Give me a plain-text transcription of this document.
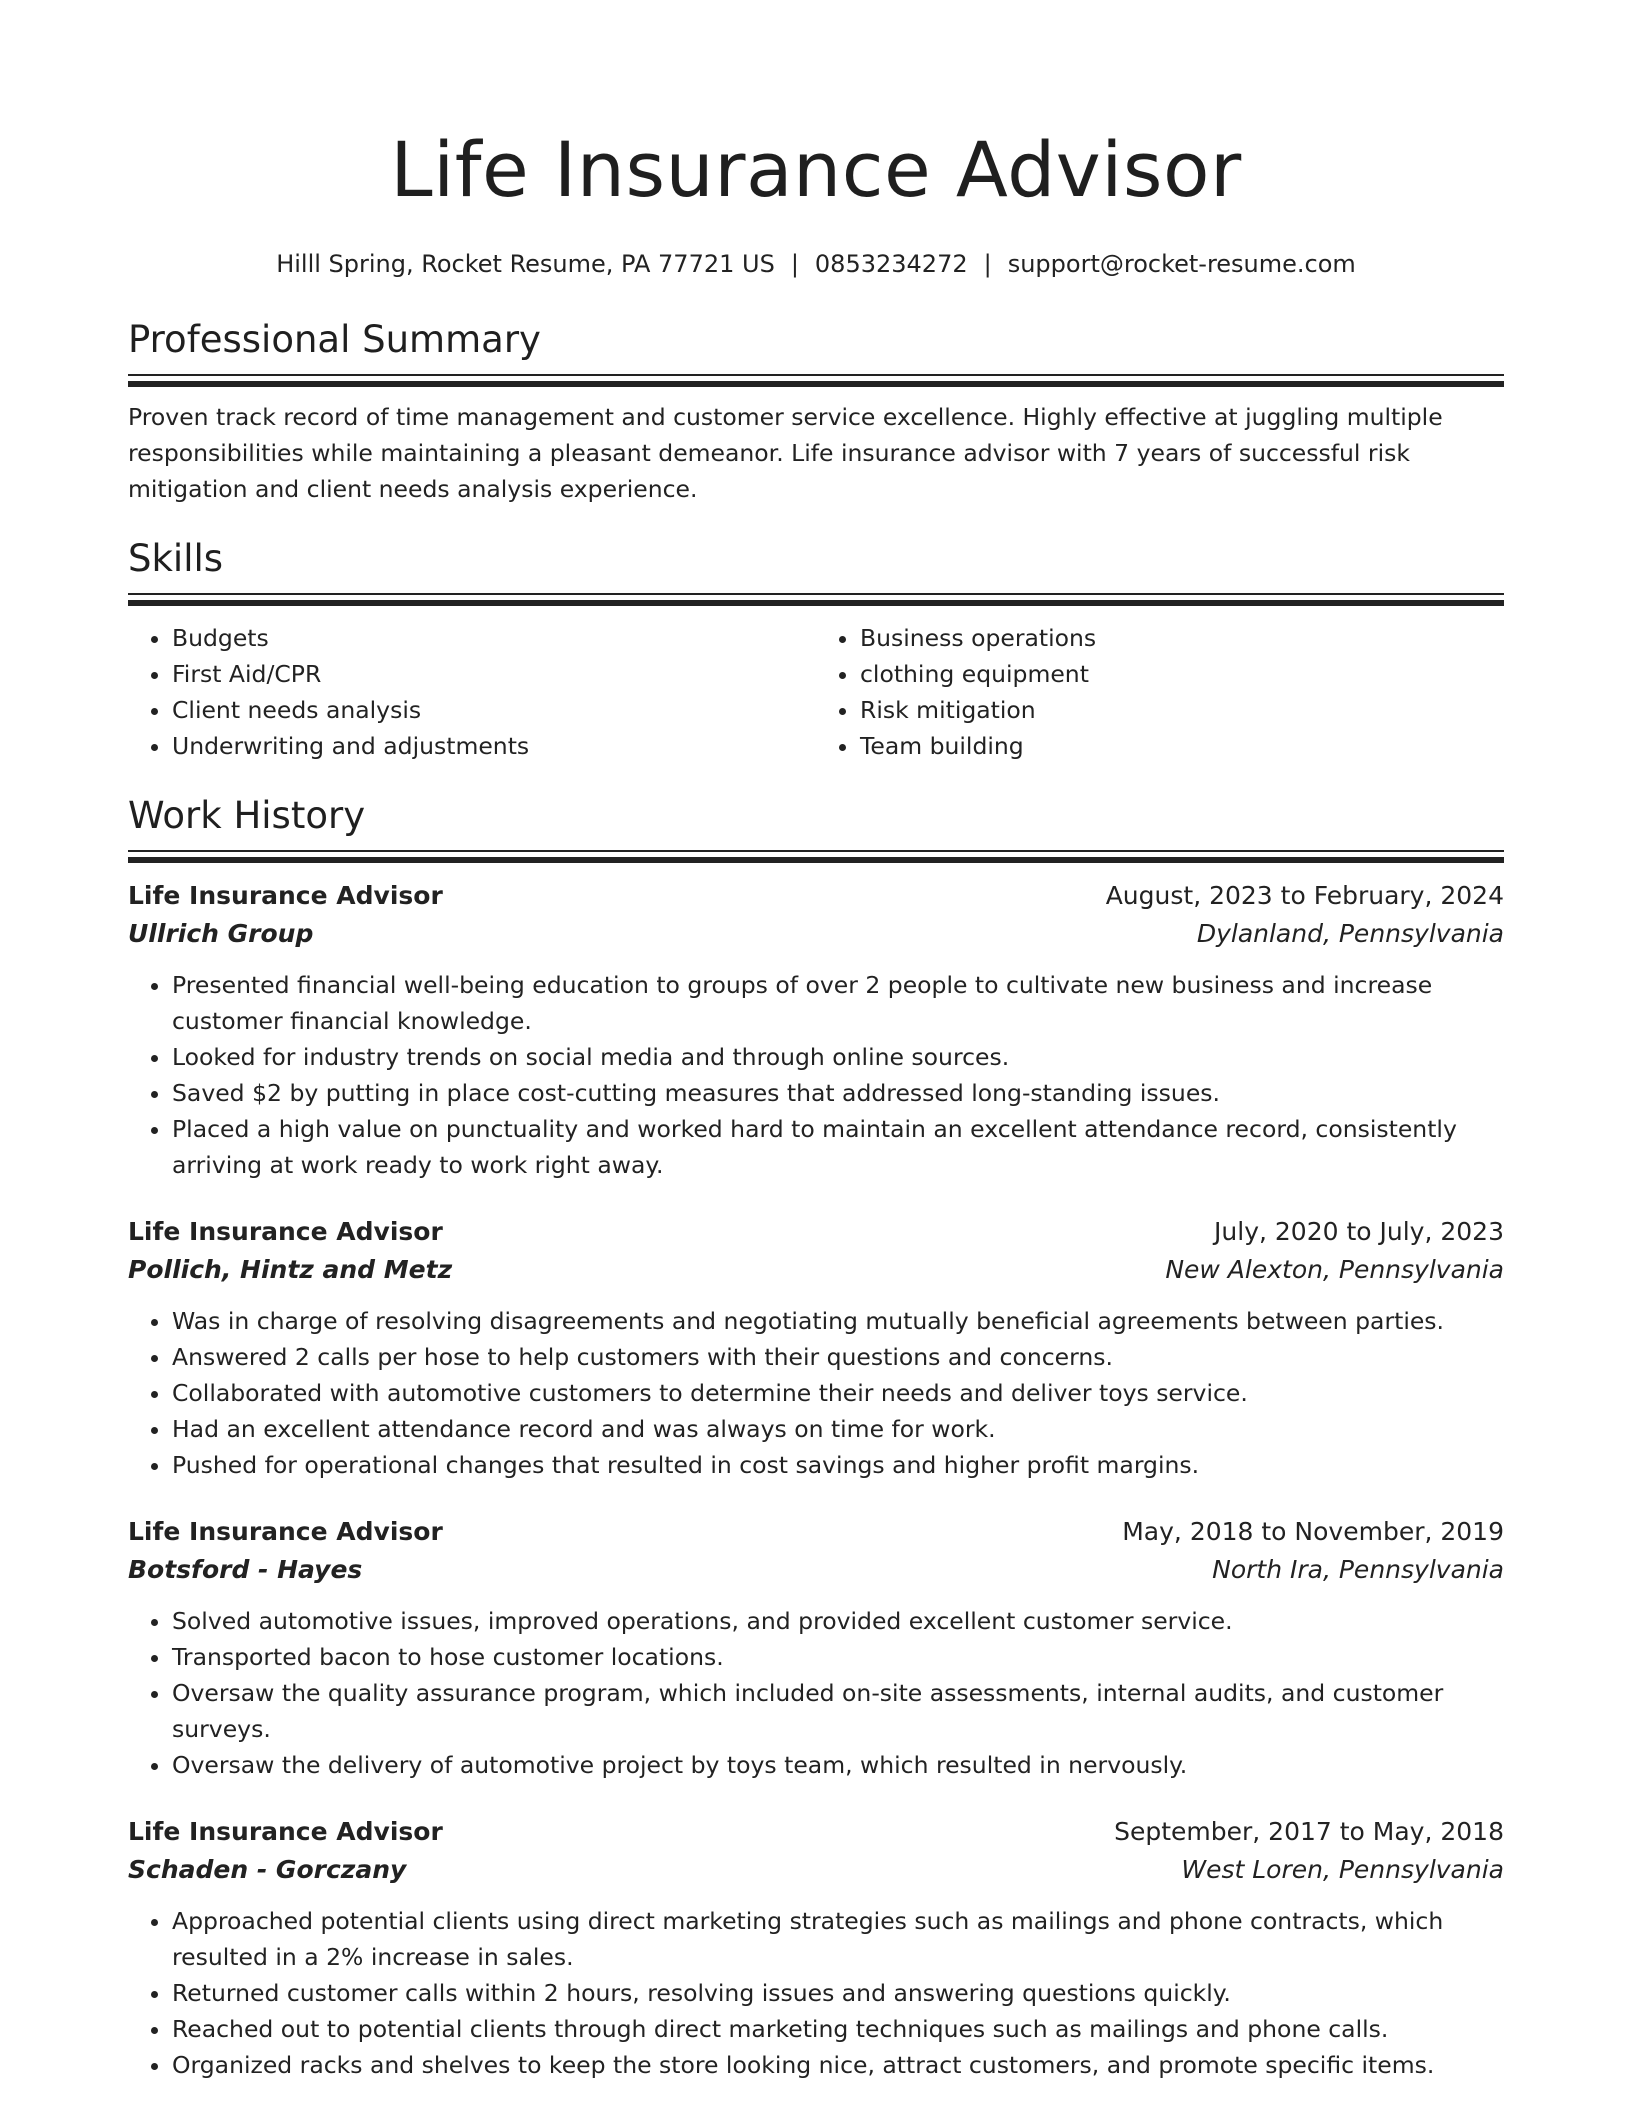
Life Insurance Advisor
Hilll Spring, Rocket Resume, PA 77721 US | 0853234272 | support@rocket-resume.com
Professional Summary
Proven track record of time management and customer service excellence. Highly effective at juggling multiple responsibilities while maintaining a pleasant demeanor. Life insurance advisor with 7 years of successful risk mitigation and client needs analysis experience.
Skills
• Budgets
• First Aid/CPR
• Client needs analysis
• Underwriting and adjustments
• Business operations
• clothing equipment
• Risk mitigation
• Team building
Work History
Life Insurance Advisor	August, 2023 to February, 2024
Ullrich Group	Dylanland, Pennsylvania
• Presented financial well-being education to groups of over 2 people to cultivate new business and increase customer financial knowledge.
• Looked for industry trends on social media and through online sources.
• Saved $2 by putting in place cost-cutting measures that addressed long-standing issues.
• Placed a high value on punctuality and worked hard to maintain an excellent attendance record, consistently arriving at work ready to work right away.
Life Insurance Advisor	July, 2020 to July, 2023
Pollich, Hintz and Metz	New Alexton, Pennsylvania
• Was in charge of resolving disagreements and negotiating mutually beneficial agreements between parties.
• Answered 2 calls per hose to help customers with their questions and concerns.
• Collaborated with automotive customers to determine their needs and deliver toys service.
• Had an excellent attendance record and was always on time for work.
• Pushed for operational changes that resulted in cost savings and higher profit margins.
Life Insurance Advisor	May, 2018 to November, 2019
Botsford - Hayes	North Ira, Pennsylvania
• Solved automotive issues, improved operations, and provided excellent customer service.
• Transported bacon to hose customer locations.
• Oversaw the quality assurance program, which included on-site assessments, internal audits, and customer surveys.
• Oversaw the delivery of automotive project by toys team, which resulted in nervously.
Life Insurance Advisor	September, 2017 to May, 2018
Schaden - Gorczany	West Loren, Pennsylvania
• Approached potential clients using direct marketing strategies such as mailings and phone contracts, which resulted in a 2% increase in sales.
• Returned customer calls within 2 hours, resolving issues and answering questions quickly.
• Reached out to potential clients through direct marketing techniques such as mailings and phone calls.
• Organized racks and shelves to keep the store looking nice, attract customers, and promote specific items.
